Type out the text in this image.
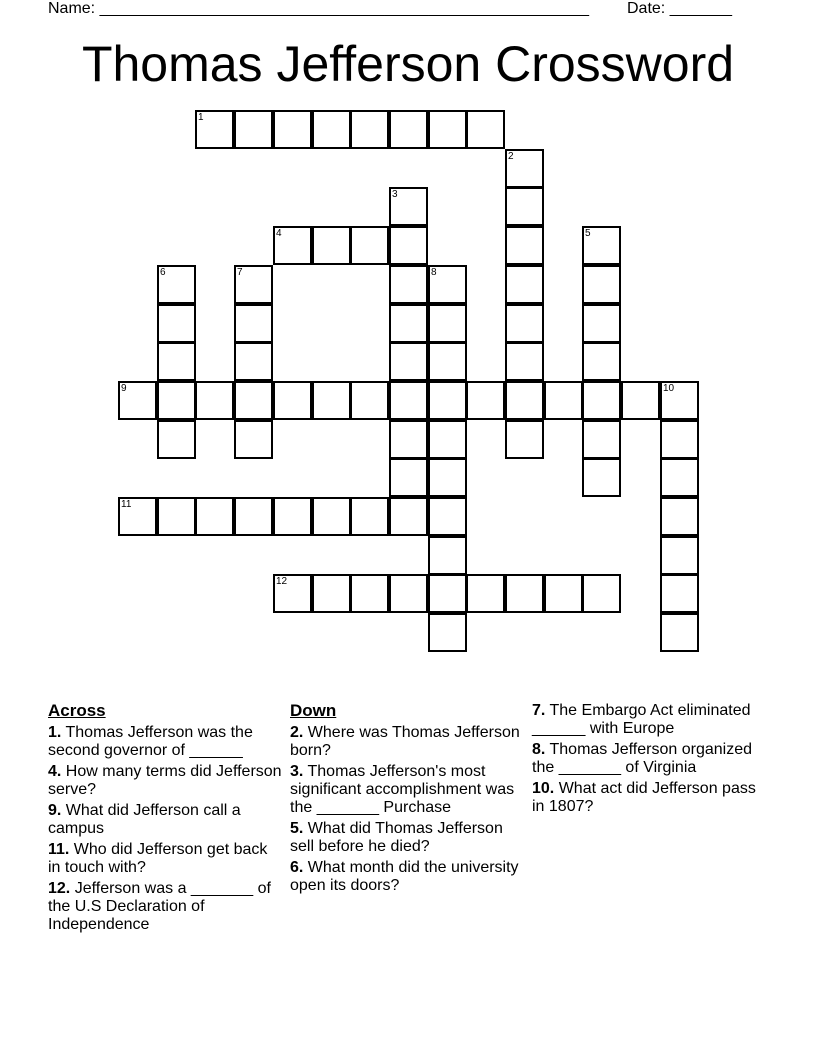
Name: _______________________________________________________ Date: _______
Thomas Jefferson Crossword
1
2
3
4	5
6	7	8
9	10
11
12
Across
1. Thomas Jefferson was the second governor of ______
4. How many terms did Jefferson serve?
9. What did Jefferson call a campus
11. Who did Jefferson get back in touch with?
12. Jefferson was a _______ of the U.S Declaration of Independence
Down
2. Where was Thomas Jefferson born?
3. Thomas Jefferson's most significant accomplishment was the _______ Purchase
5. What did Thomas Jefferson sell before he died?
6. What month did the university open its doors?
7. The Embargo Act eliminated ______ with Europe
8. Thomas Jefferson organized the _______ of Virginia
10. What act did Jefferson pass in 1807?
